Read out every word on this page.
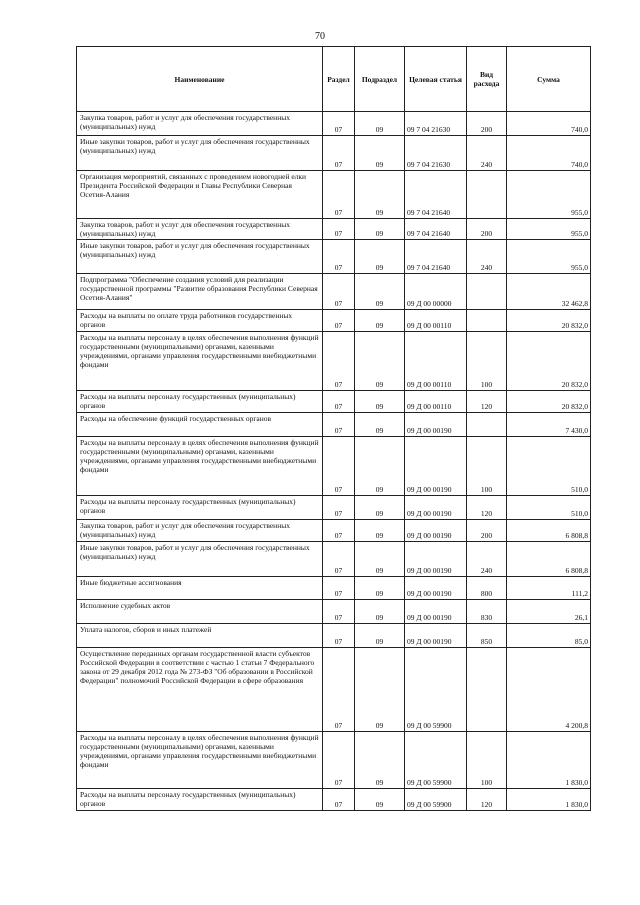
70
Наименование	Раздел	Подраздел	Целевая статья	Вид расхода	Сумма
Закупка товаров, работ и услуг для обеспечения государственных (муниципальных) нужд	07	09	09 7 04 21630	200	740,0
Иные закупки товаров, работ и услуг для обеспечения государственных (муниципальных) нужд	07	09	09 7 04 21630	240	740,0
Организация мероприятий, связанных с проведением новогодней елки Президента Российской Федерации и Главы Республики Северная Осетия-Алания	07	09	09 7 04 21640		955,0
Закупка товаров, работ и услуг для обеспечения государственных (муниципальных) нужд	07	09	09 7 04 21640	200	955,0
Иные закупки товаров, работ и услуг для обеспечения государственных (муниципальных) нужд	07	09	09 7 04 21640	240	955,0
Подпрограмма "Обеспечение создания условий для реализации государственной программы "Развитие образования Республики Северная Осетия-Алания"	07	09	09 Д 00 00000		32 462,8
Расходы на выплаты по оплате труда работников государственных органов	07	09	09 Д 00 00110		20 832,0
Расходы на выплаты персоналу в целях обеспечения выполнения функций государственными (муниципальными) органами, казенными учреждениями, органами управления государственными внебюджетными фондами	07	09	09 Д 00 00110	100	20 832,0
Расходы на выплаты персоналу государственных (муниципальных) органов	07	09	09 Д 00 00110	120	20 832,0
Расходы на обеспечение функций государственных органов	07	09	09 Д 00 00190		7 430,0
Расходы на выплаты персоналу в целях обеспечения выполнения функций государственными (муниципальными) органами, казенными учреждениями, органами управления государственными внебюджетными фондами	07	09	09 Д 00 00190	100	510,0
Расходы на выплаты персоналу государственных (муниципальных) органов	07	09	09 Д 00 00190	120	510,0
Закупка товаров, работ и услуг для обеспечения государственных (муниципальных) нужд	07	09	09 Д 00 00190	200	6 808,8
Иные закупки товаров, работ и услуг для обеспечения государственных (муниципальных) нужд	07	09	09 Д 00 00190	240	6 808,8
Иные бюджетные ассигнования	07	09	09 Д 00 00190	800	111,2
Исполнение судебных актов	07	09	09 Д 00 00190	830	26,1
Уплата налогов, сборов и иных платежей	07	09	09 Д 00 00190	850	85,0
Осуществление переданных органам государственной власти субъектов Российской Федерации в соответствии с частью 1 статьи 7 Федерального закона от 29 декабря 2012 года № 273-ФЗ "Об образовании в Российской Федерации" полномочий Российской Федерации в сфере образования	07	09	09 Д 00 59900		4 200,8
Расходы на выплаты персоналу в целях обеспечения выполнения функций государственными (муниципальными) органами, казенными учреждениями, органами управления государственными внебюджетными фондами	07	09	09 Д 00 59900	100	1 830,0
Расходы на выплаты персоналу государственных (муниципальных) органов	07	09	09 Д 00 59900	120	1 830,0
